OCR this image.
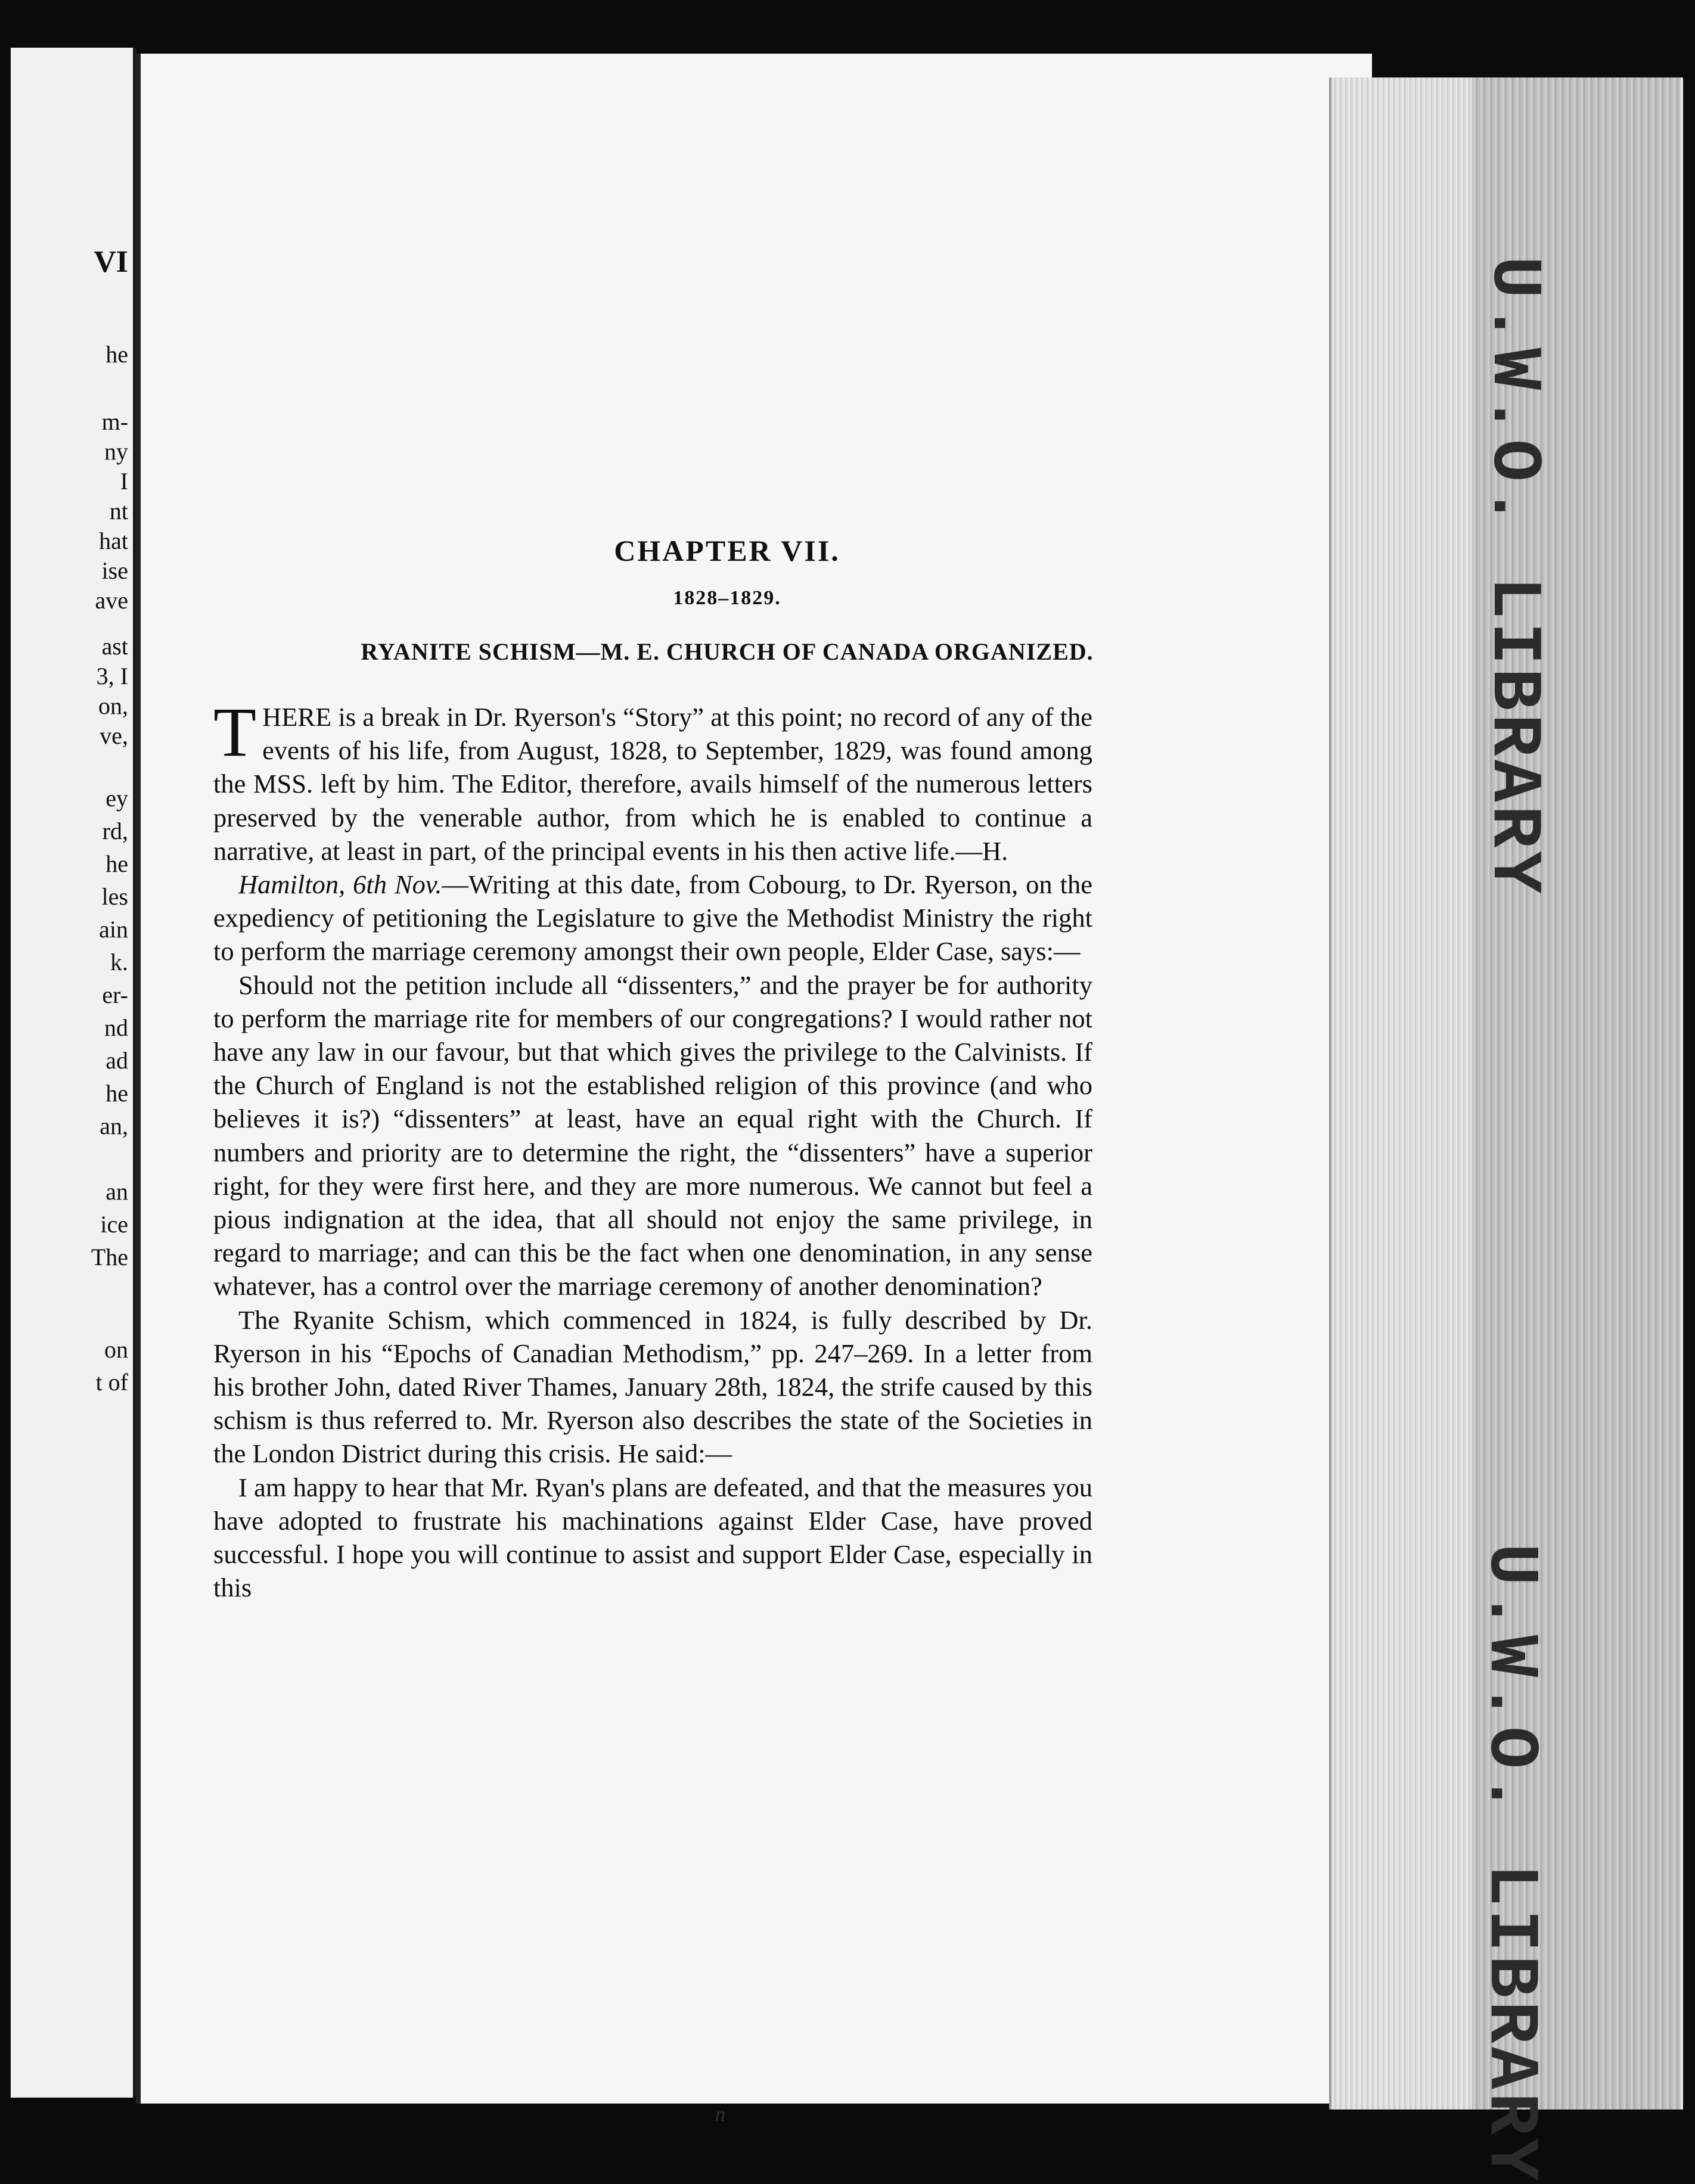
VI
he
m-
ny
I
nt
hat
ise
ave
ast
3, I
on,
ve,
ey
rd,
he
les
ain
k.
er-
nd
ad
he
an,
an
ice
The
on
t of
U.W.O. LIBRARY
U.W.O. LIBRARY
CHAPTER VII.
1828–1829.
RYANITE SCHISM—M. E. CHURCH OF CANADA ORGANIZED.

THERE is a break in Dr. Ryerson's “Story” at this point; no record of any of the events of his life, from August, 1828, to September, 1829, was found among the MSS. left by him. The Editor, therefore, avails himself of the numerous letters preserved by the venerable author, from which he is enabled to continue a narrative, at least in part, of the principal events in his then active life.—H.

Hamilton, 6th Nov.—Writing at this date, from Cobourg, to Dr. Ryerson, on the expediency of petitioning the Legislature to give the Methodist Ministry the right to perform the marriage ceremony amongst their own people, Elder Case, says:—

Should not the petition include all “dissenters,” and the prayer be for authority to perform the marriage rite for members of our congregations? I would rather not have any law in our favour, but that which gives the privilege to the Calvinists. If the Church of England is not the established religion of this province (and who believes it is?) “dissenters” at least, have an equal right with the Church. If numbers and priority are to determine the right, the “dissenters” have a superior right, for they were first here, and they are more numerous. We cannot but feel a pious indignation at the idea, that all should not enjoy the same privilege, in regard to marriage; and can this be the fact when one denomination, in any sense whatever, has a control over the marriage ceremony of another denomination?

The Ryanite Schism, which commenced in 1824, is fully described by Dr. Ryerson in his “Epochs of Canadian Methodism,” pp. 247–269. In a letter from his brother John, dated River Thames, January 28th, 1824, the strife caused by this schism is thus referred to. Mr. Ryerson also describes the state of the Societies in the London District during this crisis. He said:—

I am happy to hear that Mr. Ryan's plans are defeated, and that the measures you have adopted to frustrate his machinations against Elder Case, have proved successful. I hope you will continue to assist and support Elder Case, especially in this

n
